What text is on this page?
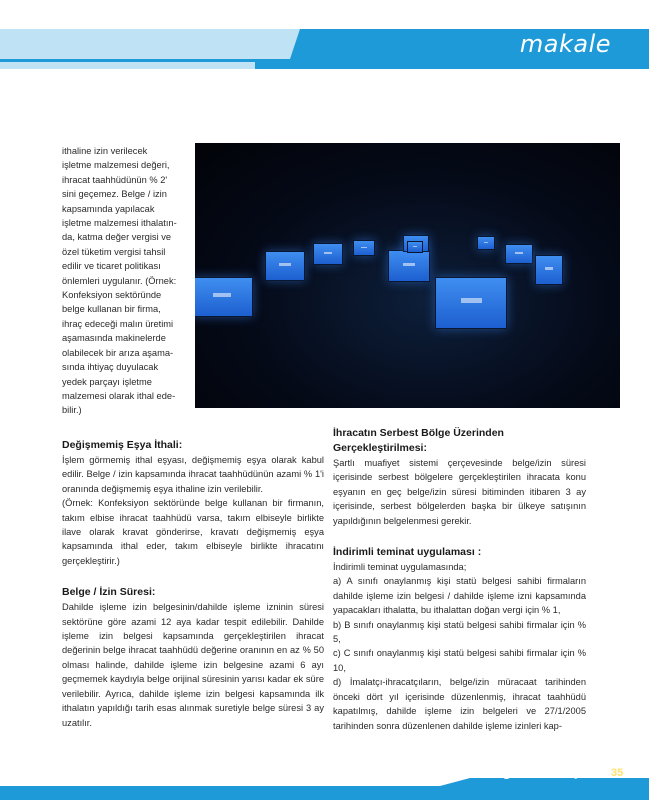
makale

ithaline izin verilecek

işletme malzemesi değeri,

ihracat taahhüdünün % 2'

sini geçemez. Belge / izin

kapsamında yapılacak

işletme malzemesi ithalatın-

da, katma değer vergisi ve

özel tüketim vergisi tahsil

edilir ve ticaret politikası

önlemleri uygulanır. (Örnek:

Konfeksiyon sektöründe

belge kullanan bir firma,

ihraç edeceği malın üretimi

aşamasında makinelerde

olabilecek bir arıza aşama-

sında ihtiyaç duyulacak

yedek parçayı işletme

malzemesi olarak ithal ede-

bilir.)

Değişmemiş Eşya İthali:

İşlem görmemiş ithal eşyası, değişmemiş eşya olarak kabul edilir. Belge / izin kapsamında ihracat taahhüdünün azami % 1'i oranında değişmemiş eşya ithaline izin verilebilir.

(Örnek: Konfeksiyon sektöründe belge kullanan bir firmanın, takım elbise ihracat taahhüdü varsa, takım elbiseyle birlikte ilave olarak kravat gönderirse, kravatı değişmemiş eşya kapsamında ithal eder, takım elbiseyle birlikte ihracatını gerçekleştirir.)

Belge / İzin Süresi:

Dahilde işleme izin belgesinin/dahilde işleme izninin süresi sektörüne göre azami 12 aya kadar tespit edilebilir. Dahilde işleme izin belgesi kapsamında gerçekleştirilen ihracat değerinin belge ihracat taahhüdü değerine oranının en az % 50 olması halinde, dahilde işleme izin belgesine azami 6 ayı geçmemek kaydıyla belge orijinal süresinin yarısı kadar ek süre verilebilir. Ayrıca, dahilde işleme izin belgesi kapsamında ilk ithalatın yapıldığı tarih esas alınmak suretiyle belge süresi 3 ay uzatılır.

İhracatın Serbest Bölge Üzerinden

Gerçekleştirilmesi:

Şartlı muafiyet sistemi çerçevesinde belge/izin süresi içerisinde serbest bölgelere gerçekleştirilen ihracata konu eşyanın en geç belge/izin süresi bitiminden itibaren 3 ay içerisinde, serbest bölgelerden başka bir ülkeye satışının yapıldığının belgelenmesi gerekir.

İndirimli teminat uygulaması :

İndirimli teminat uygulamasında;

a) A sınıfı onaylanmış kişi statü belgesi sahibi firmaların dahilde işleme izin belgesi / dahilde işleme izni kapsamında yapacakları ithalatta, bu ithalattan doğan vergi için % 1,

b) B sınıfı onaylanmış kişi statü belgesi sahibi firmalar için % 5,

c) C sınıfı onaylanmış kişi statü belgesi sahibi firmalar için % 10,

d) İmalatçı-ihracatçıların, belge/izin müracaat tarihinden önceki dört yıl içerisinde düzenlenmiş, ihracat taahhüdü kapatılmış, dahilde işleme izin belgeleri ve 27/1/2005 tarihinden sonra düzenlenen dahilde işleme izinleri kap-

gümrük müşaviri 35
